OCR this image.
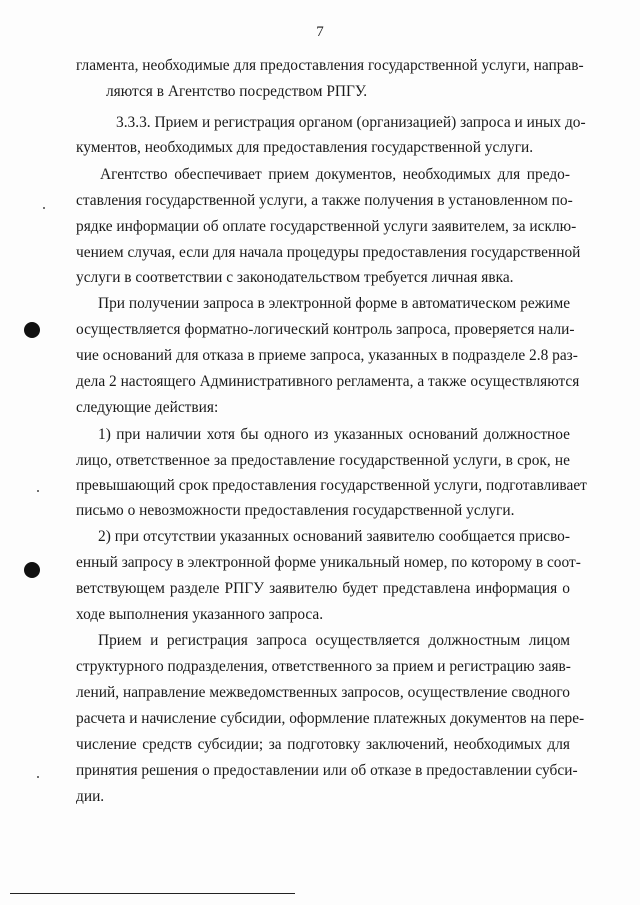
7
гламента, необходимые для предоставления государственной услуги, направ-
ляются в Агентство посредством РПГУ.
3.3.3. Прием и регистрация органом (организацией) запроса и иных до-
кументов, необходимых для предоставления государственной услуги.
Агентство обеспечивает прием документов, необходимых для предо-
ставления государственной услуги, а также получения в установленном по-
рядке информации об оплате государственной услуги заявителем, за исклю-
чением случая, если для начала процедуры предоставления государственной
услуги в соответствии с законодательством требуется личная явка.
При получении запроса в электронной форме в автоматическом режиме
осуществляется форматно-логический контроль запроса, проверяется нали-
чие оснований для отказа в приеме запроса, указанных в подразделе 2.8 раз-
дела 2 настоящего Административного регламента, а также осуществляются
следующие действия:
1) при наличии хотя бы одного из указанных оснований должностное
лицо, ответственное за предоставление государственной услуги, в срок, не
превышающий срок предоставления государственной услуги, подготавливает
письмо о невозможности предоставления государственной услуги.
2) при отсутствии указанных оснований заявителю сообщается присво-
енный запросу в электронной форме уникальный номер, по которому в соот-
ветствующем разделе РПГУ заявителю будет представлена информация о
ходе выполнения указанного запроса.
Прием и регистрация запроса осуществляется должностным лицом
структурного подразделения, ответственного за прием и регистрацию заяв-
лений, направление межведомственных запросов, осуществление сводного
расчета и начисление субсидии, оформление платежных документов на пере-
числение средств субсидии; за подготовку заключений, необходимых для
принятия решения о предоставлении или об отказе в предоставлении субси-
дии.
